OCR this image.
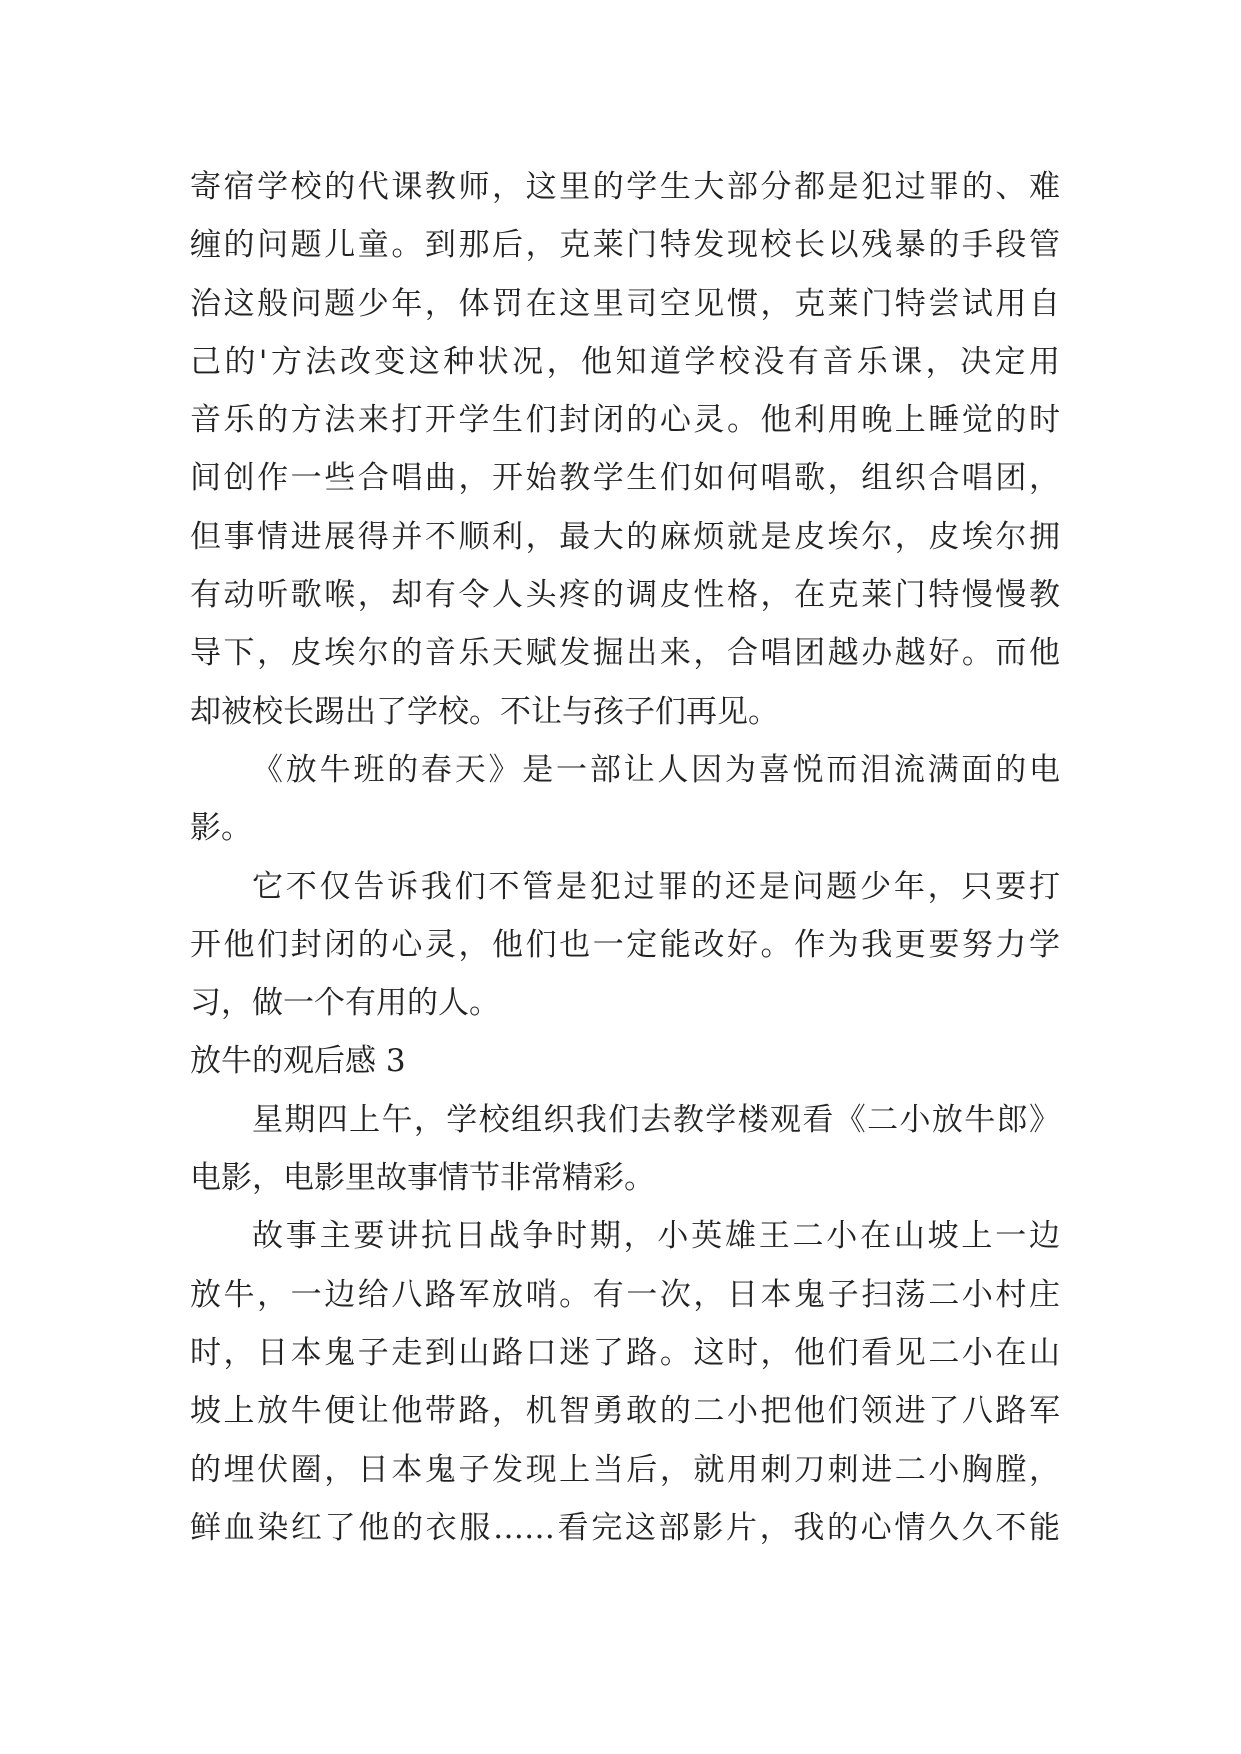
寄宿学校的代课教师，这里的学生大部分都是犯过罪的、难
缠的问题儿童。到那后，克莱门特发现校长以残暴的手段管
治这般问题少年，体罚在这里司空见惯，克莱门特尝试用自
己的'方法改变这种状况，他知道学校没有音乐课，决定用
音乐的方法来打开学生们封闭的心灵。他利用晚上睡觉的时
间创作一些合唱曲，开始教学生们如何唱歌，组织合唱团，
但事情进展得并不顺利，最大的麻烦就是皮埃尔，皮埃尔拥
有动听歌喉，却有令人头疼的调皮性格，在克莱门特慢慢教
导下，皮埃尔的音乐天赋发掘出来，合唱团越办越好。而他
却被校长踢出了学校。不让与孩子们再见。
《放牛班的春天》是一部让人因为喜悦而泪流满面的电
影。
它不仅告诉我们不管是犯过罪的还是问题少年，只要打
开他们封闭的心灵，他们也一定能改好。作为我更要努力学
习，做一个有用的人。
放牛的观后感 3
星期四上午，学校组织我们去教学楼观看《二小放牛郎》
电影，电影里故事情节非常精彩。
故事主要讲抗日战争时期，小英雄王二小在山坡上一边
放牛，一边给八路军放哨。有一次，日本鬼子扫荡二小村庄
时，日本鬼子走到山路口迷了路。这时，他们看见二小在山
坡上放牛便让他带路，机智勇敢的二小把他们领进了八路军
的埋伏圈，日本鬼子发现上当后，就用刺刀刺进二小胸膛，
鲜血染红了他的衣服……看完这部影片，我的心情久久不能
